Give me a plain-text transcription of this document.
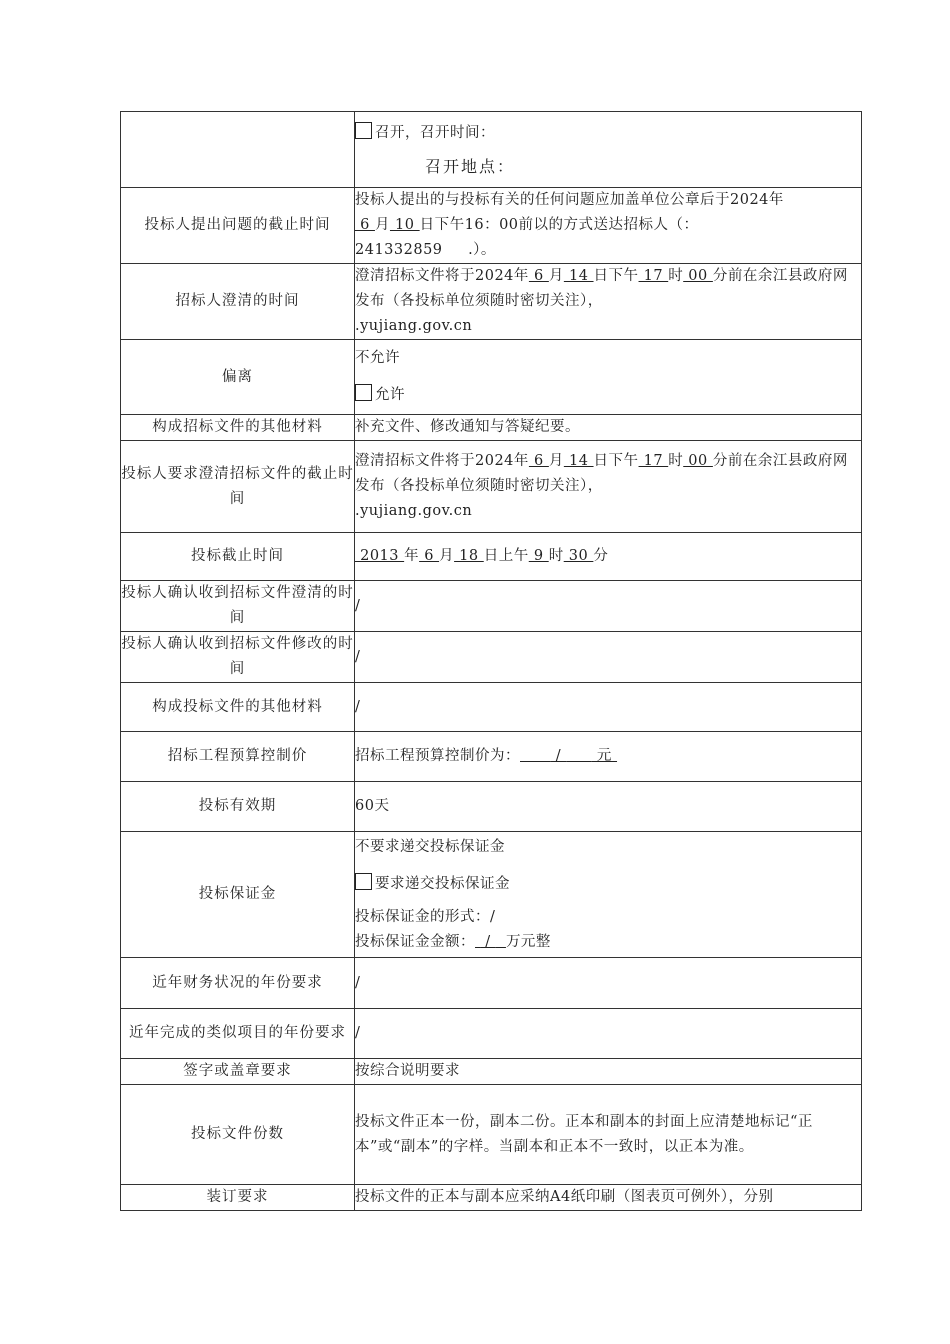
	召开，召开时间：
召开地点：

投标人提出问题的截止时间	投标人提出的与投标有关的任何问题应加盖单位公章后于2024年
6 月 10 日下午16：00前以的方式送达招标人（：
241332859 .）。
招标人澄清的时间	澄清招标文件将于2024年 6 月 14 日下午 17 时 00 分前在余江县政府网发布（各投标单位须随时密切关注），
.yujiang.gov.cn
偏离	不允许
允许

构成招标文件的其他材料	补充文件、修改通知与答疑纪要。
投标人要求澄清招标文件的截止时间	澄清招标文件将于2024年 6 月 14 日下午 17 时 00 分前在余江县政府网发布（各投标单位须随时密切关注），
.yujiang.gov.cn
投标截止时间	2013 年 6 月 18 日上午 9 时 30 分
投标人确认收到招标文件澄清的时间	/
投标人确认收到招标文件修改的时间	/
构成投标文件的其他材料	/
招标工程预算控制价	招标工程预算控制价为：       /       元
投标有效期	60天
投标保证金	不要求递交投标保证金
要求递交投标保证金
投标保证金的形式：/
投标保证金金额：  /   万元整

近年财务状况的年份要求	/
近年完成的类似项目的年份要求	/
签字或盖章要求	按综合说明要求
投标文件份数	投标文件正本一份，副本二份。正本和副本的封面上应清楚地标记“正本”或“副本”的字样。当副本和正本不一致时，以正本为准。
装订要求	投标文件的正本与副本应采纳A4纸印刷（图表页可例外），分别
